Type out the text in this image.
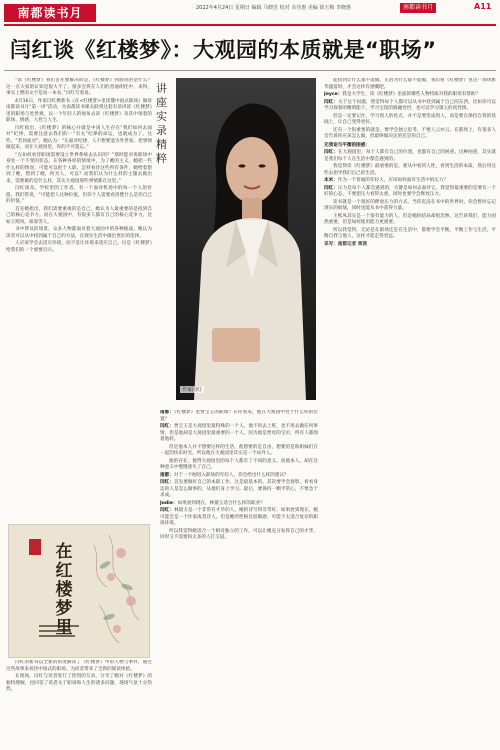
南都读书月	2022年4月24日 星期日 编辑 马晓芳 校对 余佳惠 美编 徐玉梅 李晓惠	南都读书月	A11
闫红谈《红楼梦》：大观园的本质就是“职场”

“读《红楼梦》我们首先要解决的是，《红楼梦》到底说的是什么？这一点大家的认知是很大不了。很多会将在人们的普通朗化中，来得，事实上曹的文不是而一本书，”闫红写着说。

4月16日，作家闫红携新书《在<红楼梦>里读懂中国式职场》做客南都读书月“第一讲”活动，为南都读书课关联到这套有读讲读《红楼梦》里的职场与处世观，以一个年轻人的视角去读《红楼梦》及其中领着的职场、情感、人性与人生。

闫红指出，《红楼梦》的核心并就是中国人生存在“我们如何去面对”纪律，需要注意去我们的一“有关”纪律的命运，也就成为了。这些，“若何面对”，她认为：“在面对纪律，人不想要遗为外世家、把事情做起来，而在大观园里，你的不可遗忘。”

“在如何看待职场需要设立世界系统去认识的？”那时能对说职场中身处一个不变的状态，在各种各样的情境中，为了她的主义，她把一些什么样的情况，可能可以把个人职、怎样看待这些所有条件，她给着想到了她，想到了她，何为人，可以？而我们认为什么样的主题去做出来，需要做的是什么样，其实大观园那些事情都在这里。”

闫红谈及，学校里的工作者，有一个面对机场中的每一个人的价值。我们常说，“可能把人这种价值，但你个人需要看清楚什么是你自己的价值。”

首先她指出，我们需要重视的是自己，她认为人最重要的是找到自己的核心竞争力。而在大观园中，有很多人都有自己的核心竞争力，比如王熙凤、探春等人。

书中涉及的场景，众多人物都面对着大观园中的各种挑战。她认为读者可以从中找到属于自己的方法，在现实生活中做出更好的选择。

人应该学会去适应环境，而不是让环境来适应自己。这是《红楼梦》给我们的一个重要启示。

在
红
楼
梦
里

闫红的新书以全新的角度解读了《红楼梦》中的人物与事件，通过这些故事来看待中国式的职场，为读者带来了全新的阅读体验。

在现场，闫红与读者进行了热烈的互动，分享了她对《红楼梦》的独特理解，也回答了读者关于职场和人生的诸多问题，现场气氛十分热烈。

讲
座
实
录
精
粹
作家闫红

南都：《红楼梦》里贾宝玉的职场？在你看来，他在大观园中处于什么样的位置？

闫红：贾宝玉是大观园里最特殊的一个人，他不用去上班，也不用去做任何事情，但是他却是大观园里最重要的一个人。因为他是贾母的宝贝，所有人都围着他转。

但是他本人并不想要这样的生活，他想要的是自由，想要的是和姐妹们在一起的快乐时光。所以他在大观园里其实是一个局外人。

他的存在，使得大观园里的每个人都有了不同的意义。而他本人，却在这种意义中慢慢迷失了自己。

南都：对于一个刚进入职场的年轻人，你会给出什么样的建议？

闫红：首先要做好自己的本职工作，这是最基本的。其次要学会观察，看看身边的人是怎么做事的，从他们身上学习。最后，要保持一颗平常心，不要急于求成。

Jodie：如果放到现在，林黛玉适合什么样的职业？

闫红：林黛玉是一个非常有才华的人，她的诗写得非常好。如果放到现在，她可能会是一个作家或者诗人。但是她的性格比较敏感，可能不太适合复杂的职场环境。

所以我觉得她适合一个相对独立的工作，可以让她充分发挥自己的才华，同时又不需要和太多的人打交道。

能找到让什么都不能做，正因为什么都不能做，我们看《红楼梦》里这一场场繁华盛宴时，才会这样有感慨吧。

Joyce：我是大学生，读《红楼梦》里面的哪些人物特质对我的职场有帮助？

闫红：关于这个问题，我觉得每个人都可以从书中找到属于自己的东西。比如你可以学习探春的精明能干，学习宝钗的圆融处世，也可以学习黛玉的真性情。

但是一定要记住，学习别人的优点，并不是要变成别人，而是要在保持自我的基础上，让自己变得更好。

还有一个很重要的就是，要学会独立思考，不要人云亦云。在职场上，有很多人会告诉你应该怎么做，但最终做决定的还是你自己。

无我论与平衡的困惑：

闫红：在大观园里，每个人都有自己的位置，也都有自己的困惑。这种困惑，其实就是我们每个人在生活中都会遇到的。

我觉得读《红楼梦》最重要的是，要从中看到人性，看到生活的本质，然后用这些去指导我们自己的生活。

本米：作为一个普通的年轻人，应该如何面对生活中的压力？

闫红：压力是每个人都会遇到的，关键是如何去面对它。我觉得最重要的是要有一个好的心态，不要把压力看得太重，同时也要学会释放压力。

读书就是一个很好的释放压力的方式。当你沉浸在书中的世界时，你会暂时忘记现实的烦恼，同时也能从书中获得力量。

王熙凤其实是一个很有能力的人，但是她的结局却很悲惨。这告诉我们，能力固然重要，但是如何使用能力更重要。

所以我觉得，无论是在职场还是在生活中，都要学会平衡，平衡工作与生活，平衡自我与他人，这样才能走得更远。

采写：南都记者 周茜
